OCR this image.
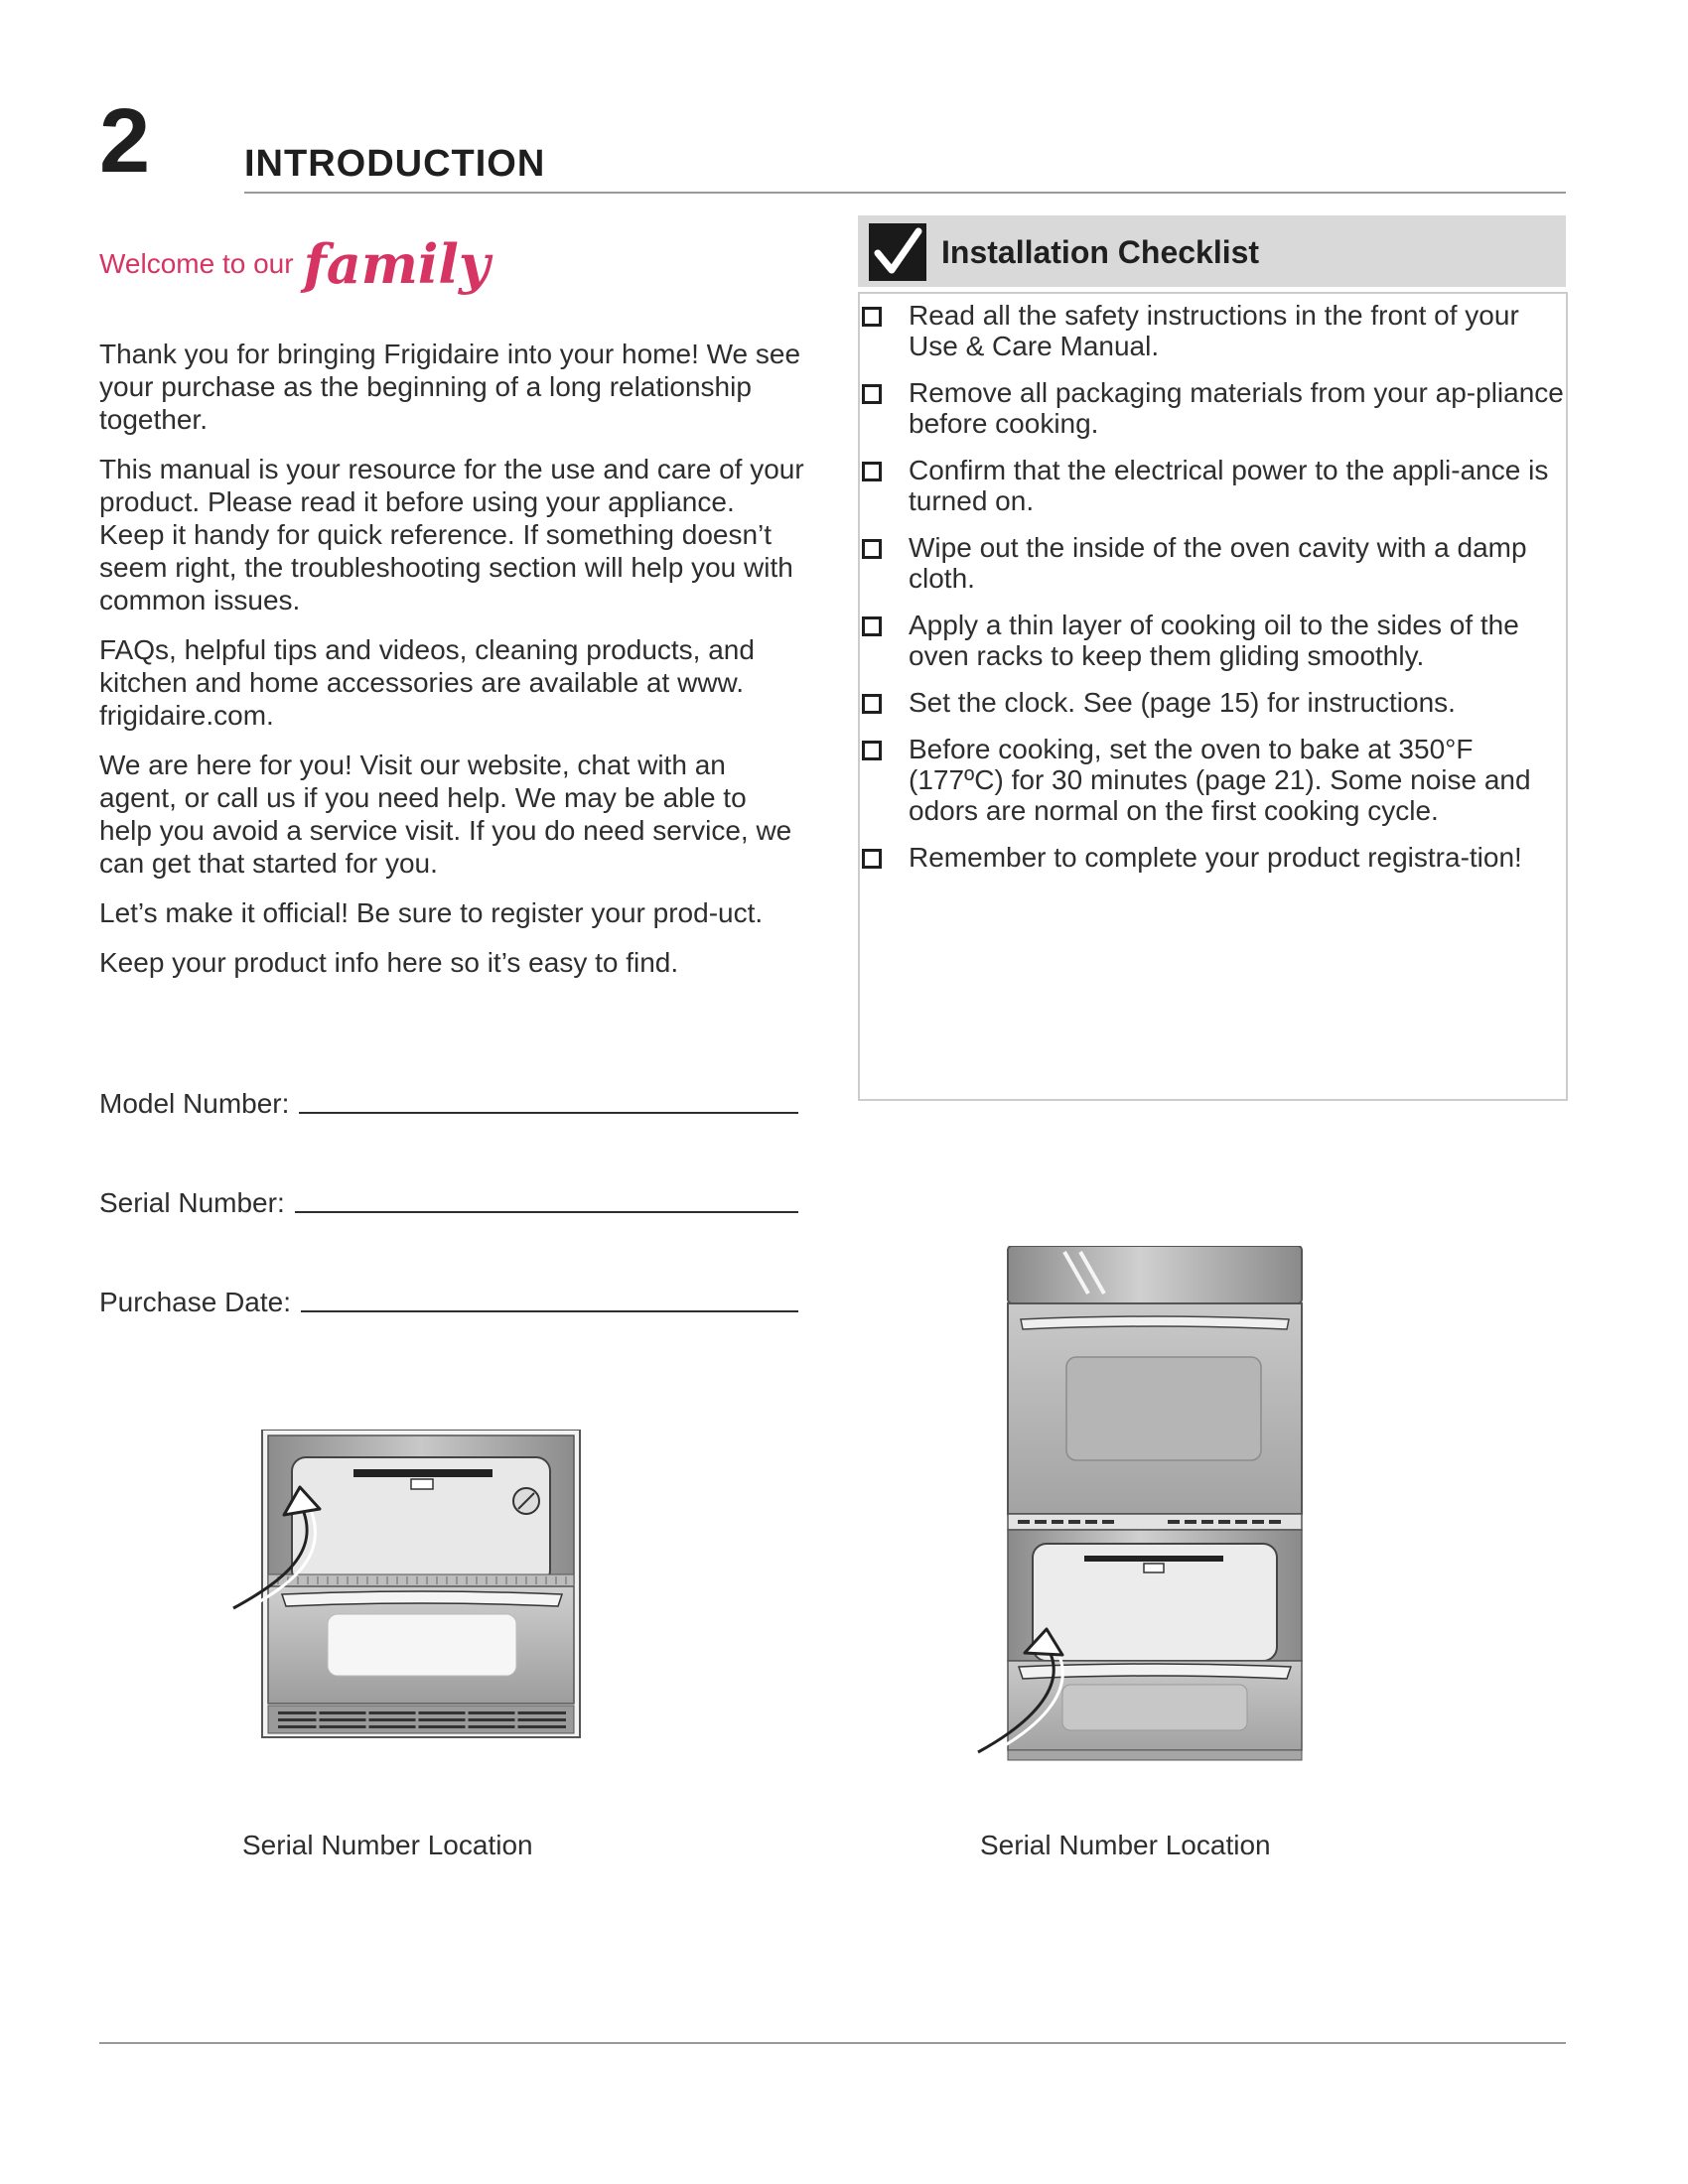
2 INTRODUCTION
Welcome to our family

Thank you for bringing Frigidaire into your home! We see your purchase as the beginning of a long relationship together.

This manual is your resource for the use and care of your product. Please read it before using your appliance. Keep it handy for quick reference. If something doesn’t seem right, the troubleshooting section will help you with common issues.

FAQs, helpful tips and videos, cleaning products, and kitchen and home accessories are available at www. frigidaire.com.

We are here for you! Visit our website, chat with an agent, or call us if you need help. We may be able to help you avoid a service visit. If you do need service, we can get that started for you.

Let’s make it official! Be sure to register your prod-uct.

Keep your product info here so it’s easy to find.

Model Number:
Serial Number:
Purchase Date:
Installation Checklist
Read all the safety instructions in the front of your Use & Care Manual.
Remove all packaging materials from your ap-pliance before cooking.
Confirm that the electrical power to the appli-ance is turned on.
Wipe out the inside of the oven cavity with a damp cloth.
Apply a thin layer of cooking oil to the sides of the oven racks to keep them gliding smoothly.
Set the clock. See (page 15) for instructions.
Before cooking, set the oven to bake at 350°F (177ºC) for 30 minutes (page 21). Some noise and odors are normal on the first cooking cycle.
Remember to complete your product registra-tion!
Serial Number Location	Serial Number Location
